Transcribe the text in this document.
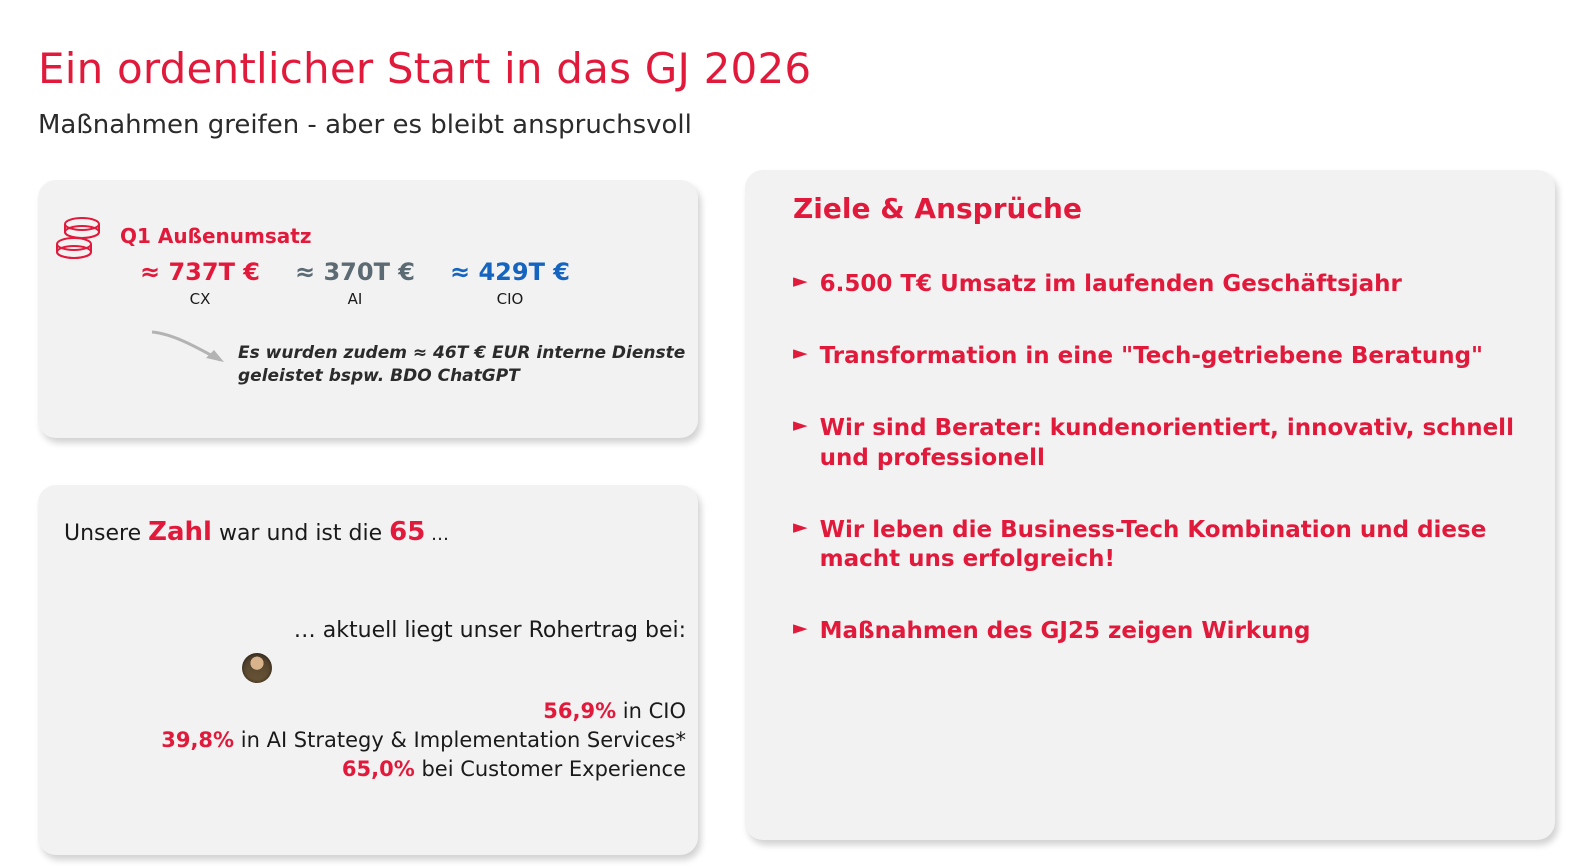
Ein ordentlicher Start in das GJ 2026
Maßnahmen greifen - aber es bleibt anspruchsvoll
Q1 Außenumsatz
≈ 737T €
CX
≈ 370T €
AI
≈ 429T €
CIO
Es wurden zudem ≈ 46T € EUR interne Dienste geleistet bspw. BDO ChatGPT
Unsere Zahl war und ist die 65 …
… aktuell liegt unser Rohertrag bei:
56,9% in CIO
39,8% in AI Strategy & Implementation Services*
65,0% bei Customer Experience
Ziele & Ansprüche
► 6.500 T€ Umsatz im laufenden Geschäftsjahr
► Transformation in eine "Tech-getriebene Beratung"
► Wir sind Berater: kundenorientiert, innovativ, schnell und professionell
► Wir leben die Business-Tech Kombination und diese macht uns erfolgreich!
► Maßnahmen des GJ25 zeigen Wirkung
